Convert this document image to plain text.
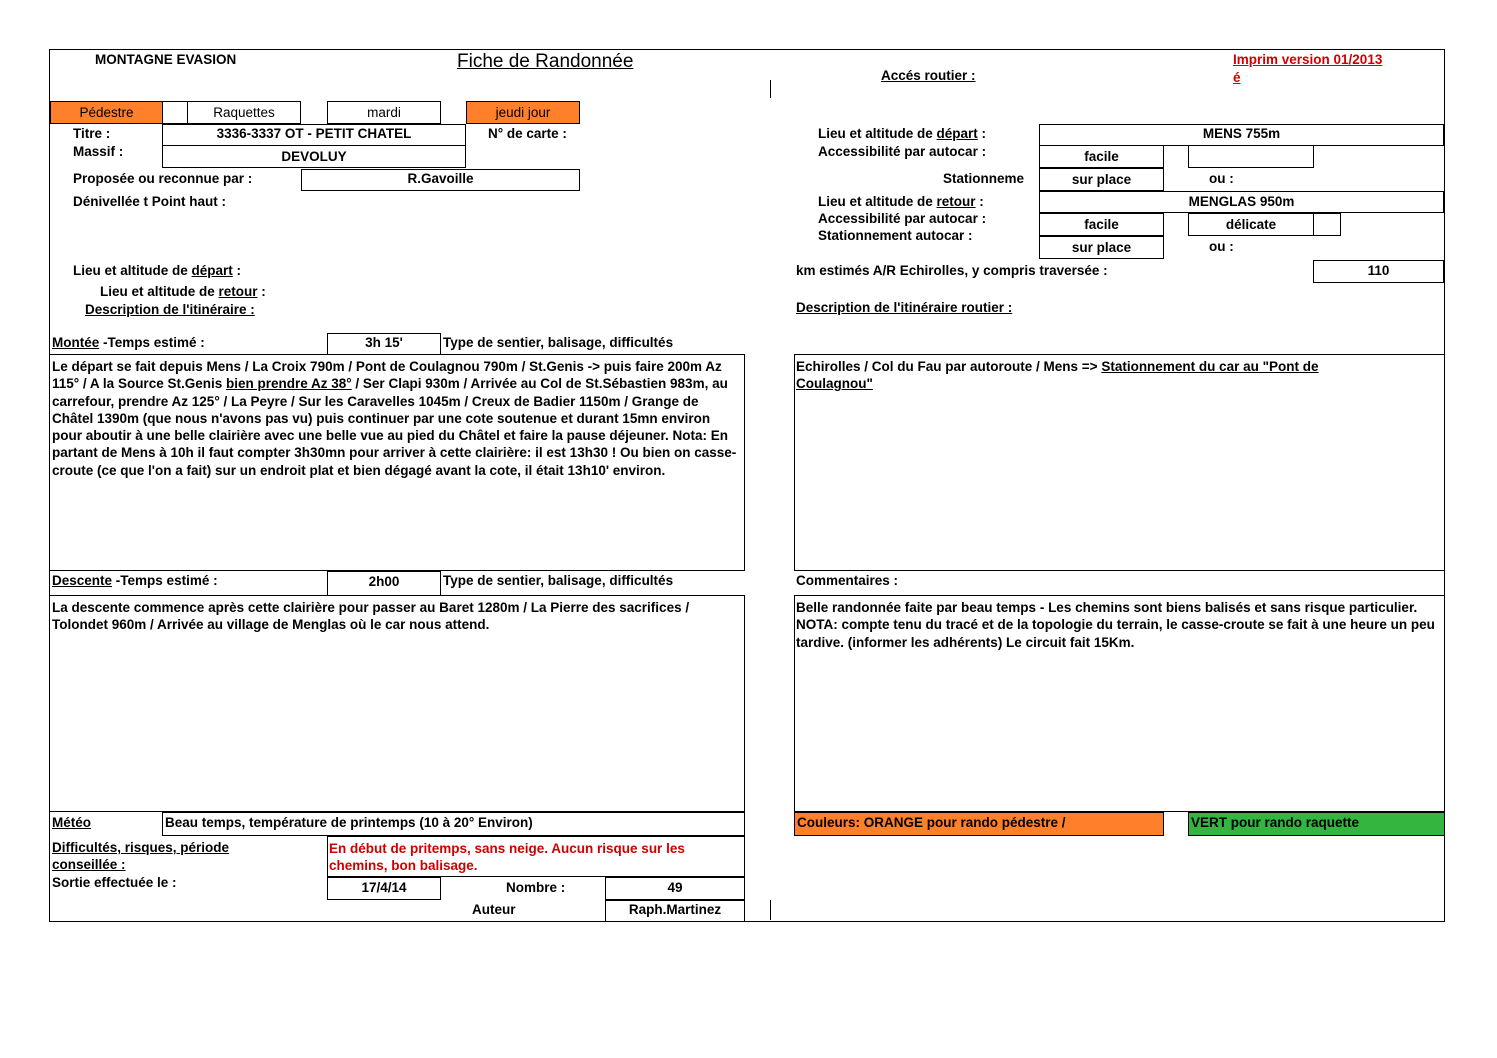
MONTAGNE EVASION	Fiche de Randonnée
Accés routier :
Imprim version 01/2013
é
Pédestre	Raquettes	mardi	jeudi jour
Titre :	3336-3337 OT - PETIT CHATEL	N° de carte :
Massif :	DEVOLUY
Proposée ou reconnue par :	R.Gavoille
Dénivellée t Point haut :
Lieu et altitude de départ :
Lieu et altitude de retour :
Description de l'itinéraire :
Lieu et altitude de départ :	MENS 755m
Accessibilité par autocar :	facile
Stationneme	sur place	ou :
Lieu et altitude de retour :	MENGLAS 950m
Accessibilité par autocar :	facile	délicate
Stationnement autocar :
sur place	ou :
km estimés A/R Echirolles, y compris traversée :	110
Description de l'itinéraire routier :
Montée -Temps estimé :	3h 15'	Type de sentier, balisage, difficultés
Le départ se fait depuis Mens / La Croix 790m / Pont de Coulagnou 790m / St.Genis -> puis faire 200m Az 115° / A la Source St.Genis bien prendre Az 38° / Ser Clapi 930m / Arrivée au Col de St.Sébastien 983m, au carrefour, prendre Az 125° / La Peyre / Sur les Caravelles 1045m / Creux de Badier 1150m / Grange de Châtel 1390m (que nous n'avons pas vu) puis continuer par une cote soutenue et durant 15mn environ pour aboutir à une belle clairière avec une belle vue au pied du Châtel et faire la pause déjeuner. Nota: En partant de Mens à 10h il faut compter 3h30mn pour arriver à cette clairière: il est 13h30 ! Ou bien on casse-croute (ce que l'on a fait) sur un endroit plat et bien dégagé avant la cote, il était 13h10' environ.
Echirolles / Col du Fau par autoroute / Mens => Stationnement du car au "Pont de Coulagnou"
Descente -Temps estimé :	2h00	Type de sentier, balisage, difficultés	Commentaires :
La descente commence après cette clairière pour passer au Baret 1280m / La Pierre des sacrifices / Tolondet 960m / Arrivée au village de Menglas où le car nous attend.
Belle randonnée faite par beau temps - Les chemins sont biens balisés et sans risque particulier. NOTA: compte tenu du tracé et de la topologie du terrain, le casse-croute se fait à une heure un peu tardive. (informer les adhérents) Le circuit fait 15Km.
Météo	Beau temps, température de printemps (10 à 20° Environ)	Couleurs: ORANGE pour rando pédestre /	VERT pour rando raquette
Difficultés, risques, période
conseillée :
En début de pritemps, sans neige. Aucun risque sur les chemins, bon balisage.
Sortie effectuée le :	17/4/14	Nombre :	49
Auteur	Raph.Martinez
